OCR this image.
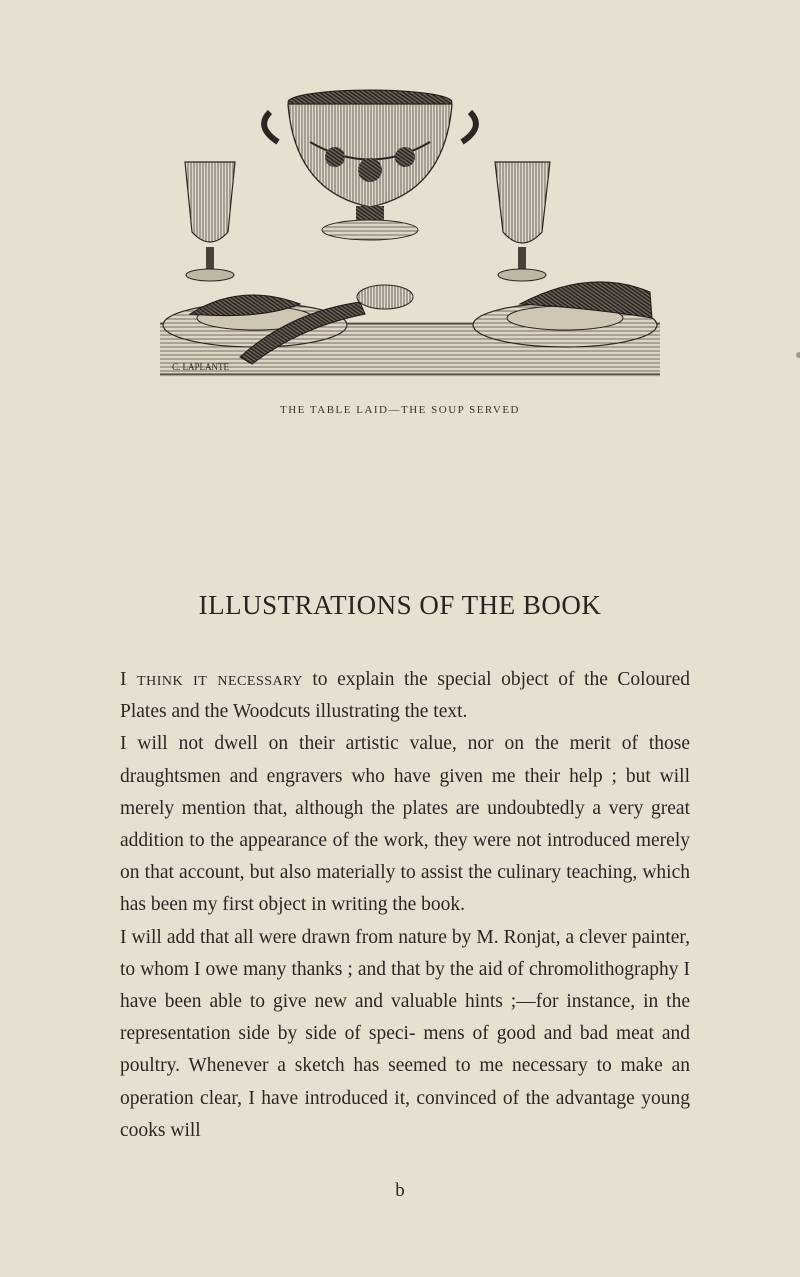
C. LAPLANTE
THE TABLE LAID—THE SOUP SERVED
ILLUSTRATIONS OF THE BOOK

I think it necessary to explain the special object of the Coloured Plates and the Woodcuts illustrating the text.

I will not dwell on their artistic value, nor on the merit of those draughtsmen and engravers who have given me their help ; but will merely mention that, although the plates are undoubtedly a very great addition to the appearance of the work, they were not introduced merely on that account, but also materially to assist the culinary teaching, which has been my first object in writing the book.

I will add that all were drawn from nature by M. Ronjat, a clever painter, to whom I owe many thanks ; and that by the aid of chromolithography I have been able to give new and valuable hints ;—for instance, in the representation side by side of speci- mens of good and bad meat and poultry. Whenever a sketch has seemed to me necessary to make an operation clear, I have introduced it, convinced of the advantage young cooks will

b
